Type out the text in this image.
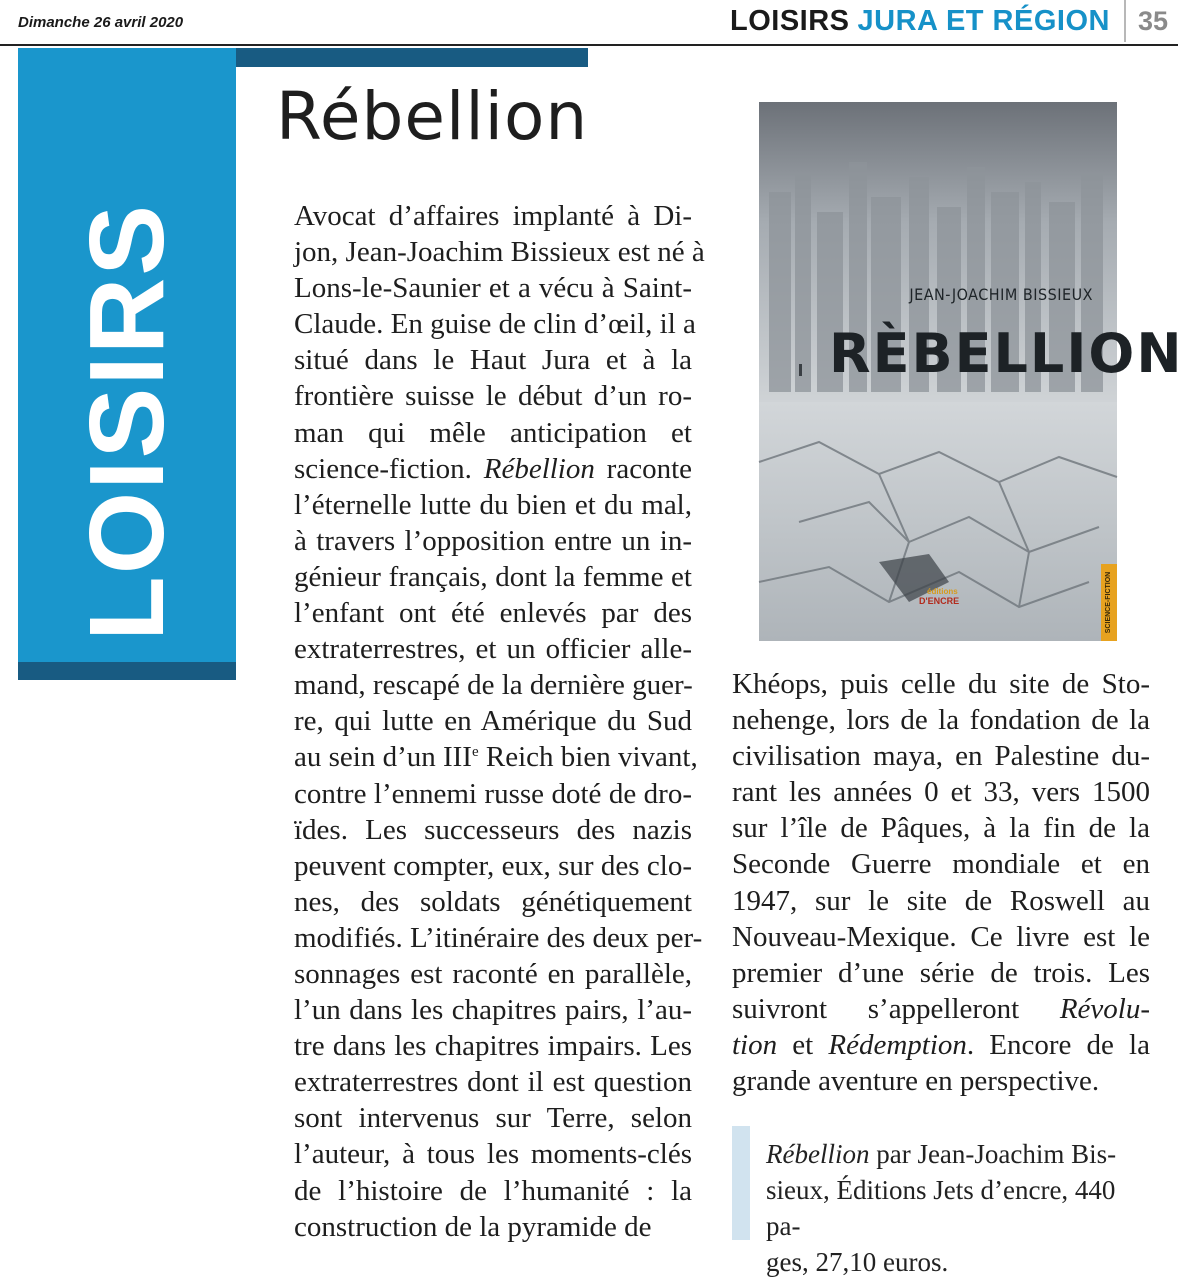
Dimanche 26 avril 2020	LOISIRS JURA ET RÉGION	35
LOISIRS
Rébellion

Avocat d’affaires implanté à Di-
jon, Jean-Joachim Bissieux est né à
Lons-le-Saunier et a vécu à Saint-
Claude. En guise de clin d’œil, il a
situé dans le Haut Jura et à la
frontière suisse le début d’un ro-
man qui mêle anticipation et
science-fiction. Rébellion raconte
l’éternelle lutte du bien et du mal,
à travers l’opposition entre un in-
génieur français, dont la femme et
l’enfant ont été enlevés par des
extraterrestres, et un officier alle-
mand, rescapé de la dernière guer-
re, qui lutte en Amérique du Sud
au sein d’un IIIe Reich bien vivant,
contre l’ennemi russe doté de dro-
ïdes. Les successeurs des nazis
peuvent compter, eux, sur des clo-
nes, des soldats génétiquement
modifiés. L’itinéraire des deux per-
sonnages est raconté en parallèle,
l’un dans les chapitres pairs, l’au-
tre dans les chapitres impairs. Les
extraterrestres dont il est question
sont intervenus sur Terre, selon
l’auteur, à tous les moments-clés
de l’histoire de l’humanité : la
construction de la pyramide de

Khéops, puis celle du site de Sto-
nehenge, lors de la fondation de la
civilisation maya, en Palestine du-
rant les années 0 et 33, vers 1500
sur l’île de Pâques, à la fin de la
Seconde Guerre mondiale et en
1947, sur le site de Roswell au
Nouveau-Mexique. Ce livre est le
premier d’une série de trois. Les
suivront s’appelleront Révolu-
tion et Rédemption. Encore de la
grande aventure en perspective.

Rébellion par Jean-Joachim Bis-
sieux, Éditions Jets d’encre, 440 pa-
ges, 27,10 euros.

JEAN-JOACHIM BISSIEUX
RÈBELLION
éditions
D'ENCRE	SCIENCE-FICTION
